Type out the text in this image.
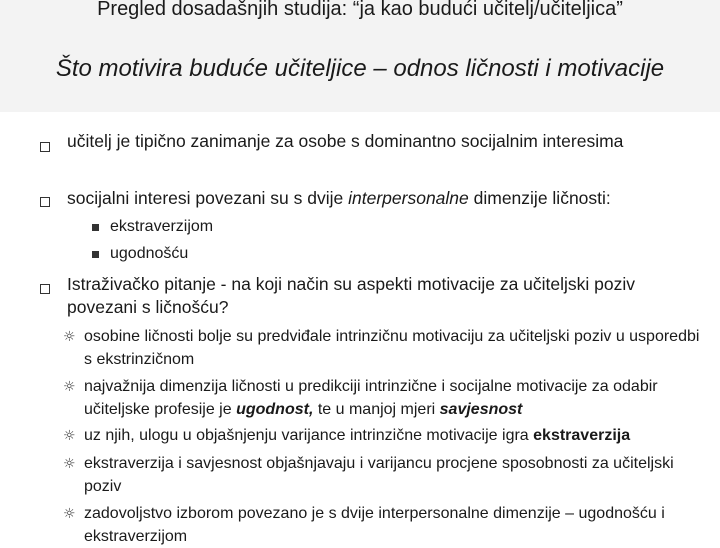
Pregled dosadašnjih studija: “ja kao budući učitelj/učiteljica”
Što motivira buduće učiteljice – odnos ličnosti i motivacije
učitelj je tipično zanimanje za osobe s dominantno socijalnim interesima
socijalni interesi povezani su s dvije interpersonalne dimenzije ličnosti:
ekstraverzijom
ugodnošću
Istraživačko pitanje - na koji način su aspekti motivacije za učiteljski poziv povezani s ličnošću?
☼ osobine ličnosti bolje su predviđale intrinzičnu motivaciju za učiteljski poziv u usporedbi s ekstrinzičnom
☼ najvažnija dimenzija ličnosti u predikciji intrinzične i socijalne motivacije za odabir učiteljske profesije je ugodnost, te u manjoj mjeri savjesnost
☼ uz njih, ulogu u objašnjenju varijance intrinzične motivacije igra ekstraverzija
☼ ekstraverzija i savjesnost objašnjavaju i varijancu procjene sposobnosti za učiteljski poziv
☼ zadovoljstvo izborom povezano je s dvije interpersonalne dimenzije – ugodnošću i ekstraverzijom
